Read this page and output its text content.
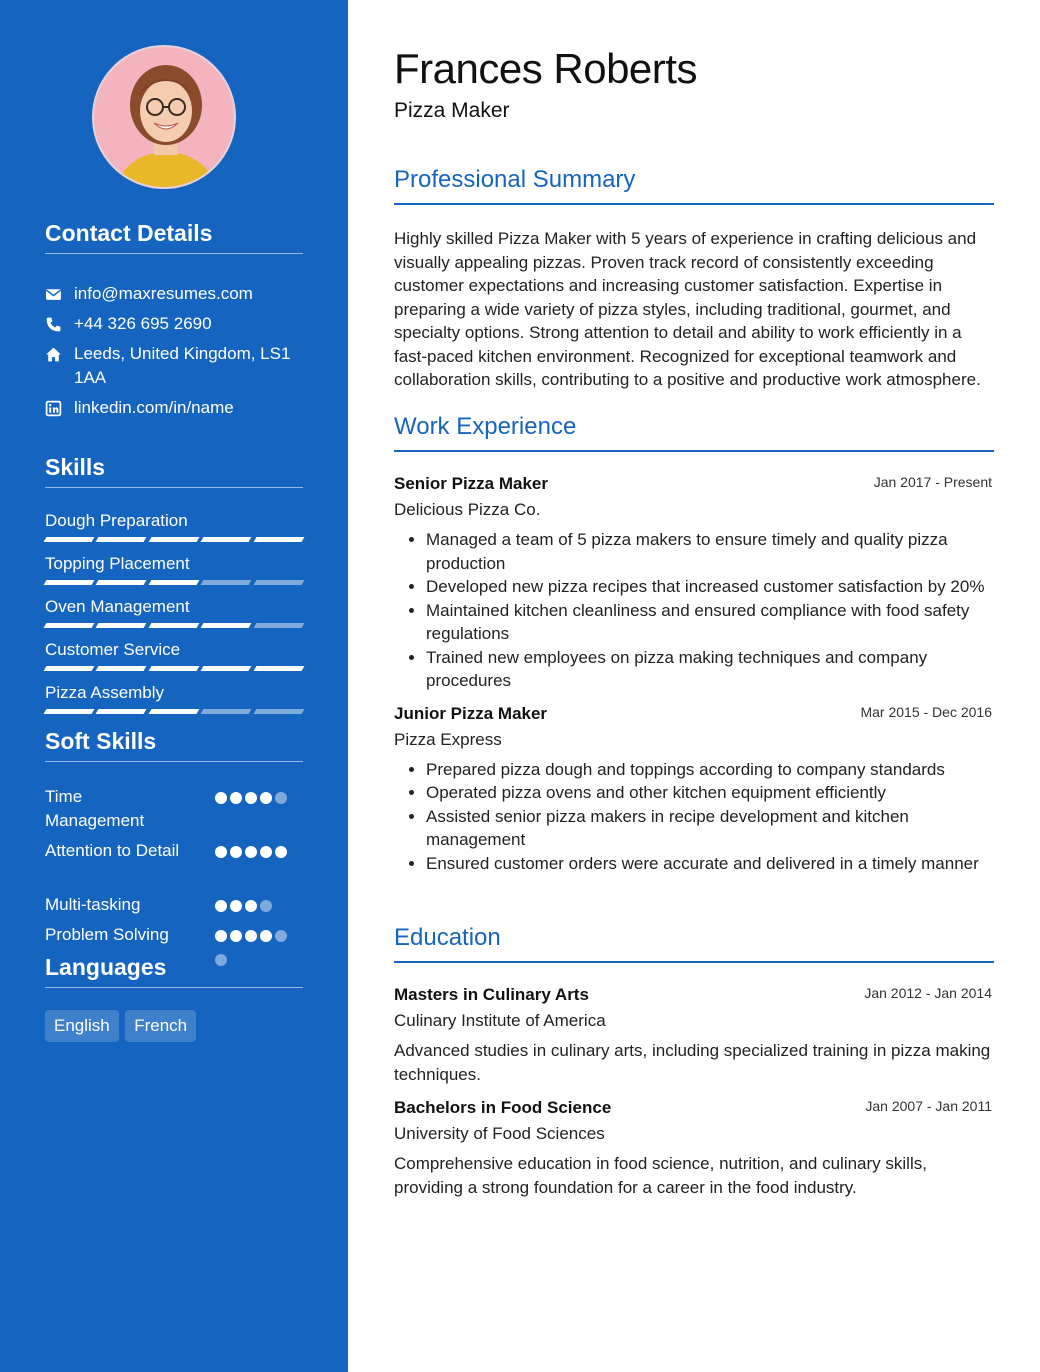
Contact Details
info@maxresumes.com
+44 326 695 2690
Leeds, United Kingdom, LS1 1AA
linkedin.com/in/name
Skills
Dough Preparation
Topping Placement
Oven Management
Customer Service
Pizza Assembly
Soft Skills
Time Management
Attention to Detail
Multi-tasking
Problem Solving
Languages
English French
Frances Roberts
Pizza Maker
Professional Summary
Highly skilled Pizza Maker with 5 years of experience in crafting delicious and visually appealing pizzas. Proven track record of consistently exceeding customer expectations and increasing customer satisfaction. Expertise in preparing a wide variety of pizza styles, including traditional, gourmet, and specialty options. Strong attention to detail and ability to work efficiently in a fast-paced kitchen environment. Recognized for exceptional teamwork and collaboration skills, contributing to a positive and productive work atmosphere.
Work Experience
Senior Pizza Maker	Jan 2017 - Present
Delicious Pizza Co.
• Managed a team of 5 pizza makers to ensure timely and quality pizza production
• Developed new pizza recipes that increased customer satisfaction by 20%
• Maintained kitchen cleanliness and ensured compliance with food safety regulations
• Trained new employees on pizza making techniques and company procedures
Junior Pizza Maker	Mar 2015 - Dec 2016
Pizza Express
• Prepared pizza dough and toppings according to company standards
• Operated pizza ovens and other kitchen equipment efficiently
• Assisted senior pizza makers in recipe development and kitchen management
• Ensured customer orders were accurate and delivered in a timely manner
Education
Masters in Culinary Arts	Jan 2012 - Jan 2014
Culinary Institute of America
Advanced studies in culinary arts, including specialized training in pizza making techniques.
Bachelors in Food Science	Jan 2007 - Jan 2011
University of Food Sciences
Comprehensive education in food science, nutrition, and culinary skills, providing a strong foundation for a career in the food industry.
